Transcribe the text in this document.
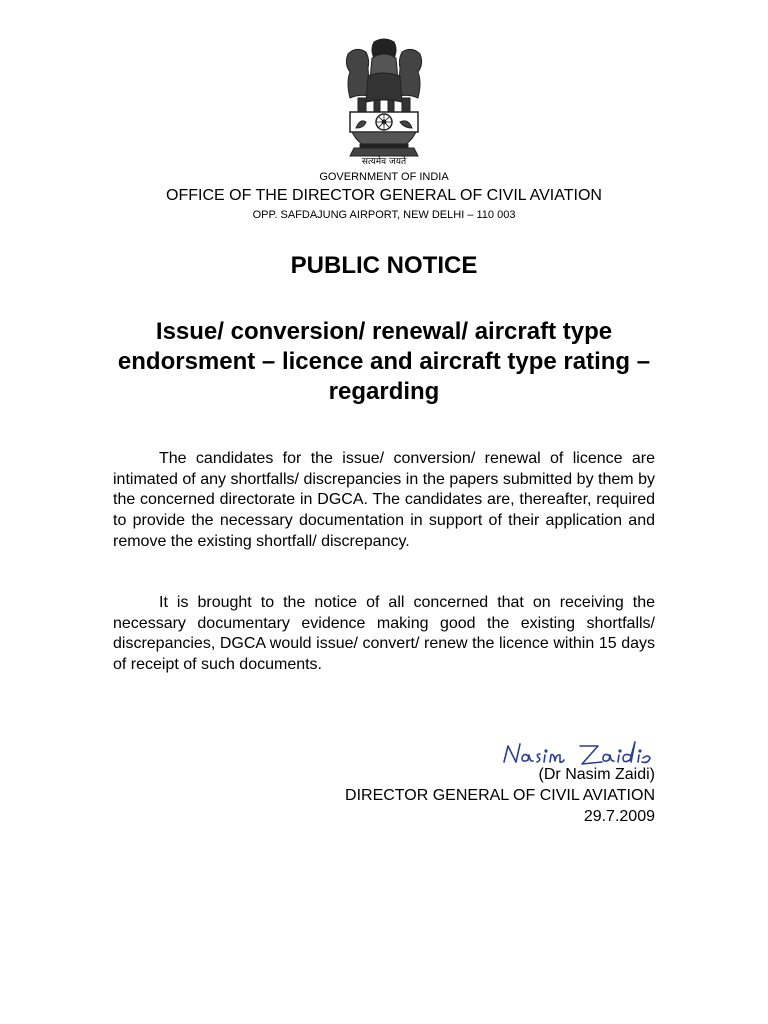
सत्यमेव जयते
GOVERNMENT OF INDIA
OFFICE OF THE DIRECTOR GENERAL OF CIVIL AVIATION
OPP. SAFDAJUNG AIRPORT, NEW DELHI – 110 003
PUBLIC NOTICE
Issue/ conversion/ renewal/ aircraft type endorsment – licence and aircraft type rating – regarding

The candidates for the issue/ conversion/ renewal of licence are intimated of any shortfalls/ discrepancies in the papers submitted by them by the concerned directorate in DGCA. The candidates are, thereafter, required to provide the necessary documentation in support of their application and remove the existing shortfall/ discrepancy.

It is brought to the notice of all concerned that on receiving the necessary documentary evidence making good the existing shortfalls/ discrepancies, DGCA would issue/ convert/ renew the licence within 15 days of receipt of such documents.

(Dr Nasim Zaidi)
DIRECTOR GENERAL OF CIVIL AVIATION
29.7.2009
